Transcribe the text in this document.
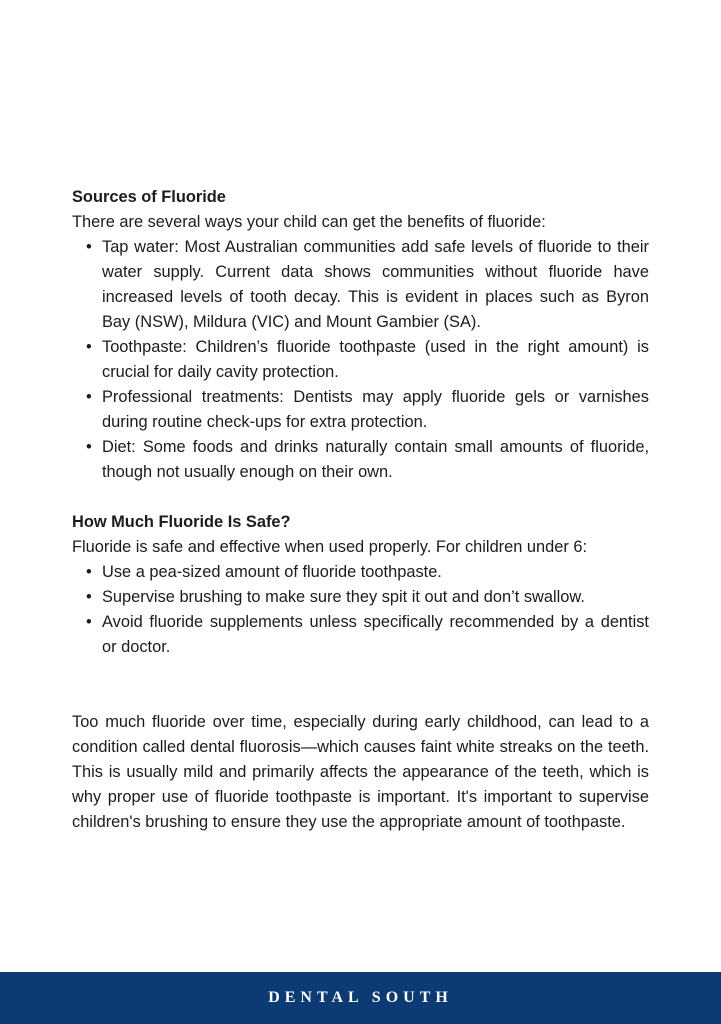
Sources of Fluoride

There are several ways your child can get the benefits of fluoride:

• Tap water: Most Australian communities add safe levels of fluoride to their water supply. Current data shows communities without fluoride have increased levels of tooth decay. This is evident in places such as Byron Bay (NSW), Mildura (VIC) and Mount Gambier (SA).
• Toothpaste: Children’s fluoride toothpaste (used in the right amount) is crucial for daily cavity protection.
• Professional treatments: Dentists may apply fluoride gels or varnishes during routine check-ups for extra protection.
• Diet: Some foods and drinks naturally contain small amounts of fluoride, though not usually enough on their own.

How Much Fluoride Is Safe?

Fluoride is safe and effective when used properly. For children under 6:

• Use a pea-sized amount of fluoride toothpaste.
• Supervise brushing to make sure they spit it out and don’t swallow.
• Avoid fluoride supplements unless specifically recommended by a dentist or doctor.

Too much fluoride over time, especially during early childhood, can lead to a condition called dental fluorosis—which causes faint white streaks on the teeth. This is usually mild and primarily affects the appearance of the teeth, which is why proper use of fluoride toothpaste is important. It's important to supervise children's brushing to ensure they use the appropriate amount of toothpaste.

DENTAL SOUTH
